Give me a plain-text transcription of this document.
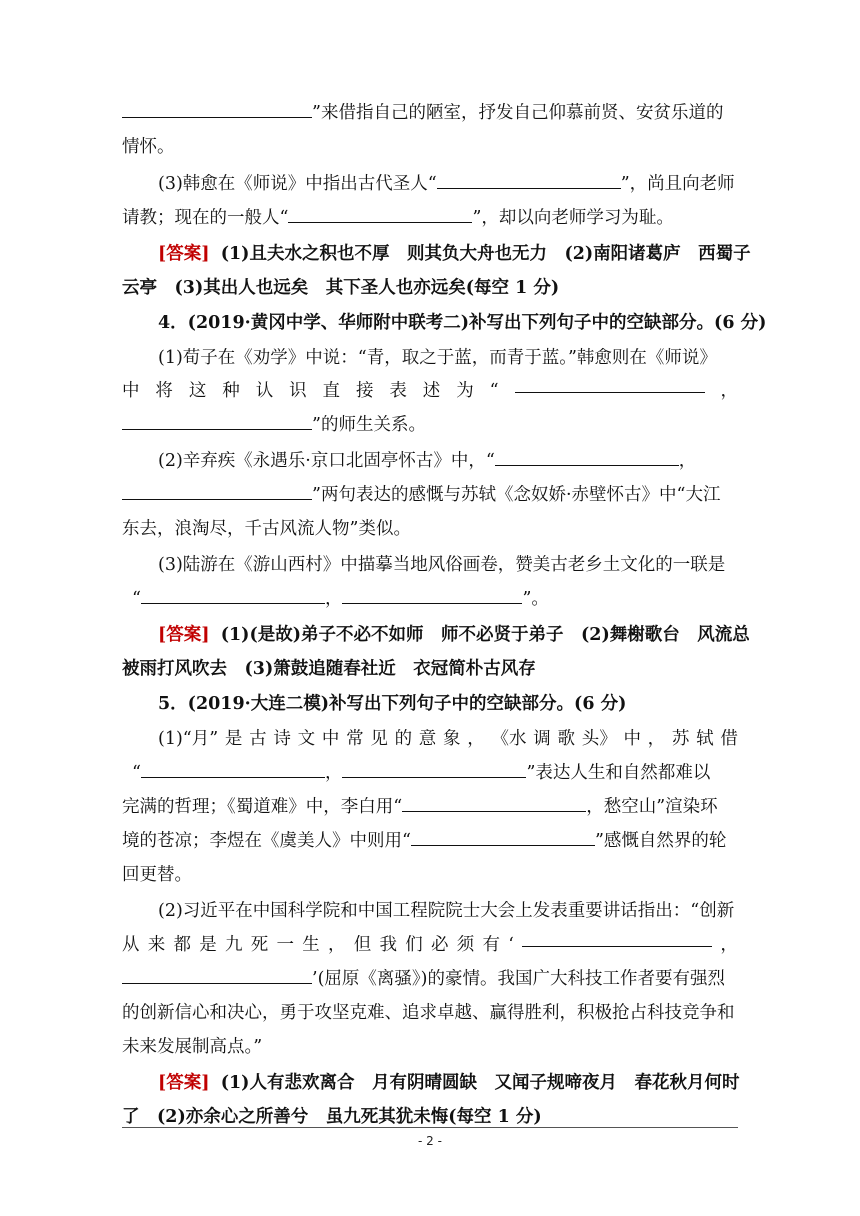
”来借指自己的陋室，抒发自己仰慕前贤、安贫乐道的
情怀。
(3)韩愈在《师说》中指出古代圣人“	”，尚且向老师
请教；现在的一般人“	”，却以向老师学习为耻。
[答案] (1)且夫水之积也不厚　则其负大舟也无力　(2)南阳诸葛庐　西蜀子
云亭　(3)其出人也远矣　其下圣人也亦远矣(每空 1 分)
4．(2019·黄冈中学、华师附中联考二)补写出下列句子中的空缺部分。(6 分)
(1)荀子在《劝学》中说：“青，取之于蓝，而青于蓝。”韩愈则在《师说》
中 将 这 种 认 识 直 接 表 述 为 “	，
”的师生关系。
(2)辛弃疾《永遇乐·京口北固亭怀古》中，“	，
”两句表达的感慨与苏轼《念奴娇·赤壁怀古》中“大江
东去，浪淘尽，千古风流人物”类似。
(3)陆游在《游山西村》中描摹当地风俗画卷，赞美古老乡土文化的一联是
“	，	”。
[答案] (1)(是故)弟子不必不如师　师不必贤于弟子　(2)舞榭歌台　风流总
被雨打风吹去　(3)箫鼓追随春社近　衣冠简朴古风存
5．(2019·大连二模)补写出下列句子中的空缺部分。(6 分)
(1)“月” 是 古 诗 文 中 常 见 的 意 象 ， 《水 调 歌 头》 中 ， 苏 轼 借
“	，	”表达人生和自然都难以
完满的哲理；《蜀道难》中，李白用“	，愁空山”渲染环
境的苍凉；李煜在《虞美人》中则用“	”感慨自然界的轮
回更替。
(2)习近平在中国科学院和中国工程院院士大会上发表重要讲话指出：“创新
从 来 都 是 九 死 一 生 ， 但 我 们 必 须 有 ‘	，
’(屈原《离骚》)的豪情。我国广大科技工作者要有强烈
的创新信心和决心，勇于攻坚克难、追求卓越、赢得胜利，积极抢占科技竞争和
未来发展制高点。”
[答案] (1)人有悲欢离合　月有阴晴圆缺　又闻子规啼夜月　春花秋月何时
了　(2)亦余心之所善兮　虽九死其犹未悔(每空 1 分)
- 2 -
